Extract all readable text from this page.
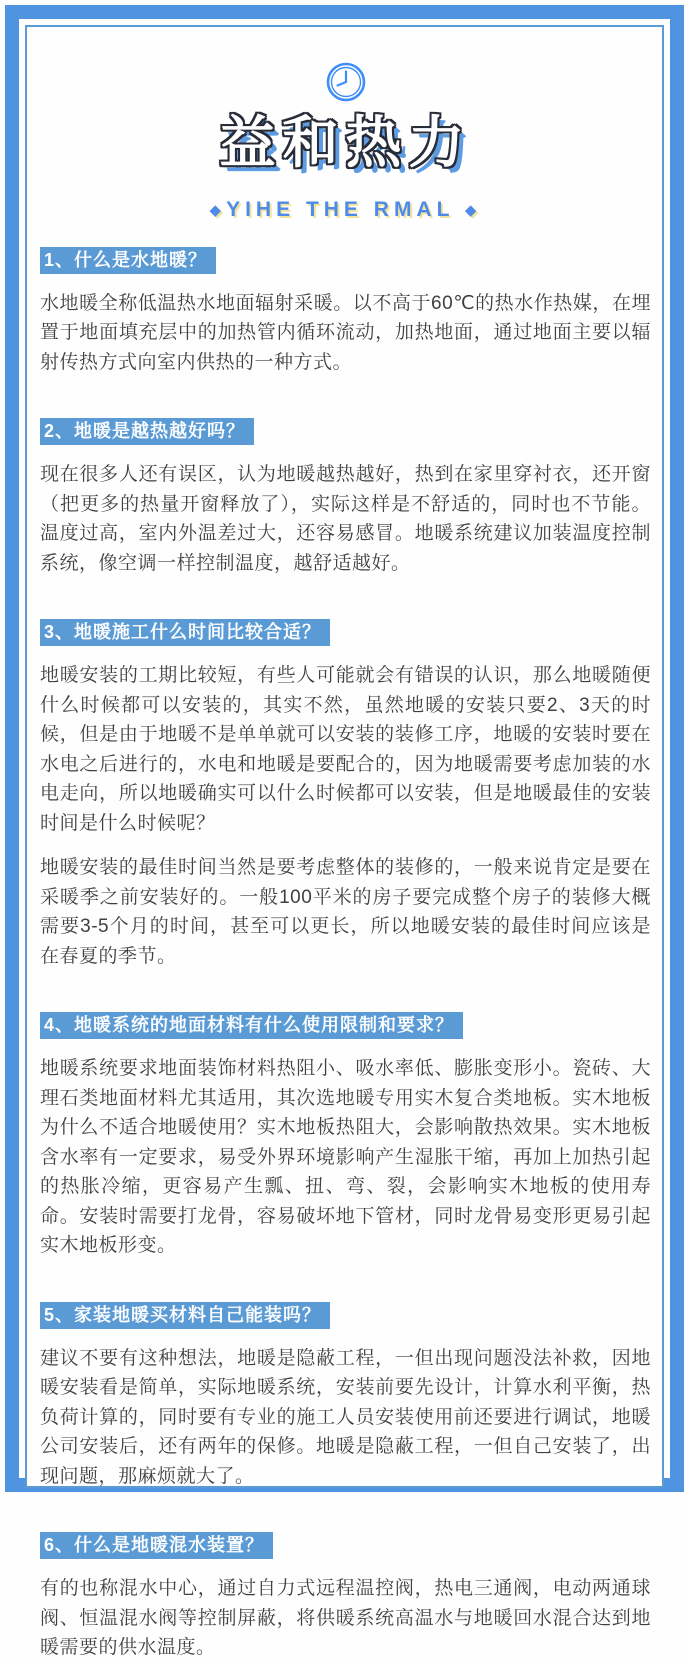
益和热力
◆YIHE THE RMAL ◆
1、什么是水地暖？

水地暖全称低温热水地面辐射采暖。以不高于60℃的热水作热媒，在埋置于地面填充层中的加热管内循环流动，加热地面，通过地面主要以辐射传热方式向室内供热的一种方式。

2、地暖是越热越好吗？

现在很多人还有误区，认为地暖越热越好，热到在家里穿衬衣，还开窗（把更多的热量开窗释放了），实际这样是不舒适的，同时也不节能。温度过高，室内外温差过大，还容易感冒。地暖系统建议加装温度控制系统，像空调一样控制温度，越舒适越好。

3、地暖施工什么时间比较合适？

地暖安装的工期比较短，有些人可能就会有错误的认识，那么地暖随便什么时候都可以安装的，其实不然，虽然地暖的安装只要2、3天的时候，但是由于地暖不是单单就可以安装的装修工序，地暖的安装时要在水电之后进行的，水电和地暖是要配合的，因为地暖需要考虑加装的水电走向，所以地暖确实可以什么时候都可以安装，但是地暖最佳的安装时间是什么时候呢？

地暖安装的最佳时间当然是要考虑整体的装修的，一般来说肯定是要在采暖季之前安装好的。一般100平米的房子要完成整个房子的装修大概需要3-5个月的时间，甚至可以更长，所以地暖安装的最佳时间应该是在春夏的季节。

4、地暖系统的地面材料有什么使用限制和要求？

地暖系统要求地面装饰材料热阻小、吸水率低、膨胀变形小。瓷砖、大理石类地面材料尤其适用，其次选地暖专用实木复合类地板。实木地板为什么不适合地暖使用？实木地板热阻大，会影响散热效果。实木地板含水率有一定要求，易受外界环境影响产生湿胀干缩，再加上加热引起的热胀冷缩，更容易产生瓢、扭、弯、裂，会影响实木地板的使用寿命。安装时需要打龙骨，容易破坏地下管材，同时龙骨易变形更易引起实木地板形变。

5、家装地暖买材料自己能装吗？

建议不要有这种想法，地暖是隐蔽工程，一但出现问题没法补救，因地暖安装看是简单，实际地暖系统，安装前要先设计，计算水利平衡，热负荷计算的，同时要有专业的施工人员安装使用前还要进行调试，地暖公司安装后，还有两年的保修。地暖是隐蔽工程，一但自己安装了，出现问题，那麻烦就大了。

6、什么是地暖混水装置？

有的也称混水中心，通过自力式远程温控阀，热电三通阀，电动两通球阀、恒温混水阀等控制屏蔽，将供暖系统高温水与地暖回水混合达到地暖需要的供水温度。
